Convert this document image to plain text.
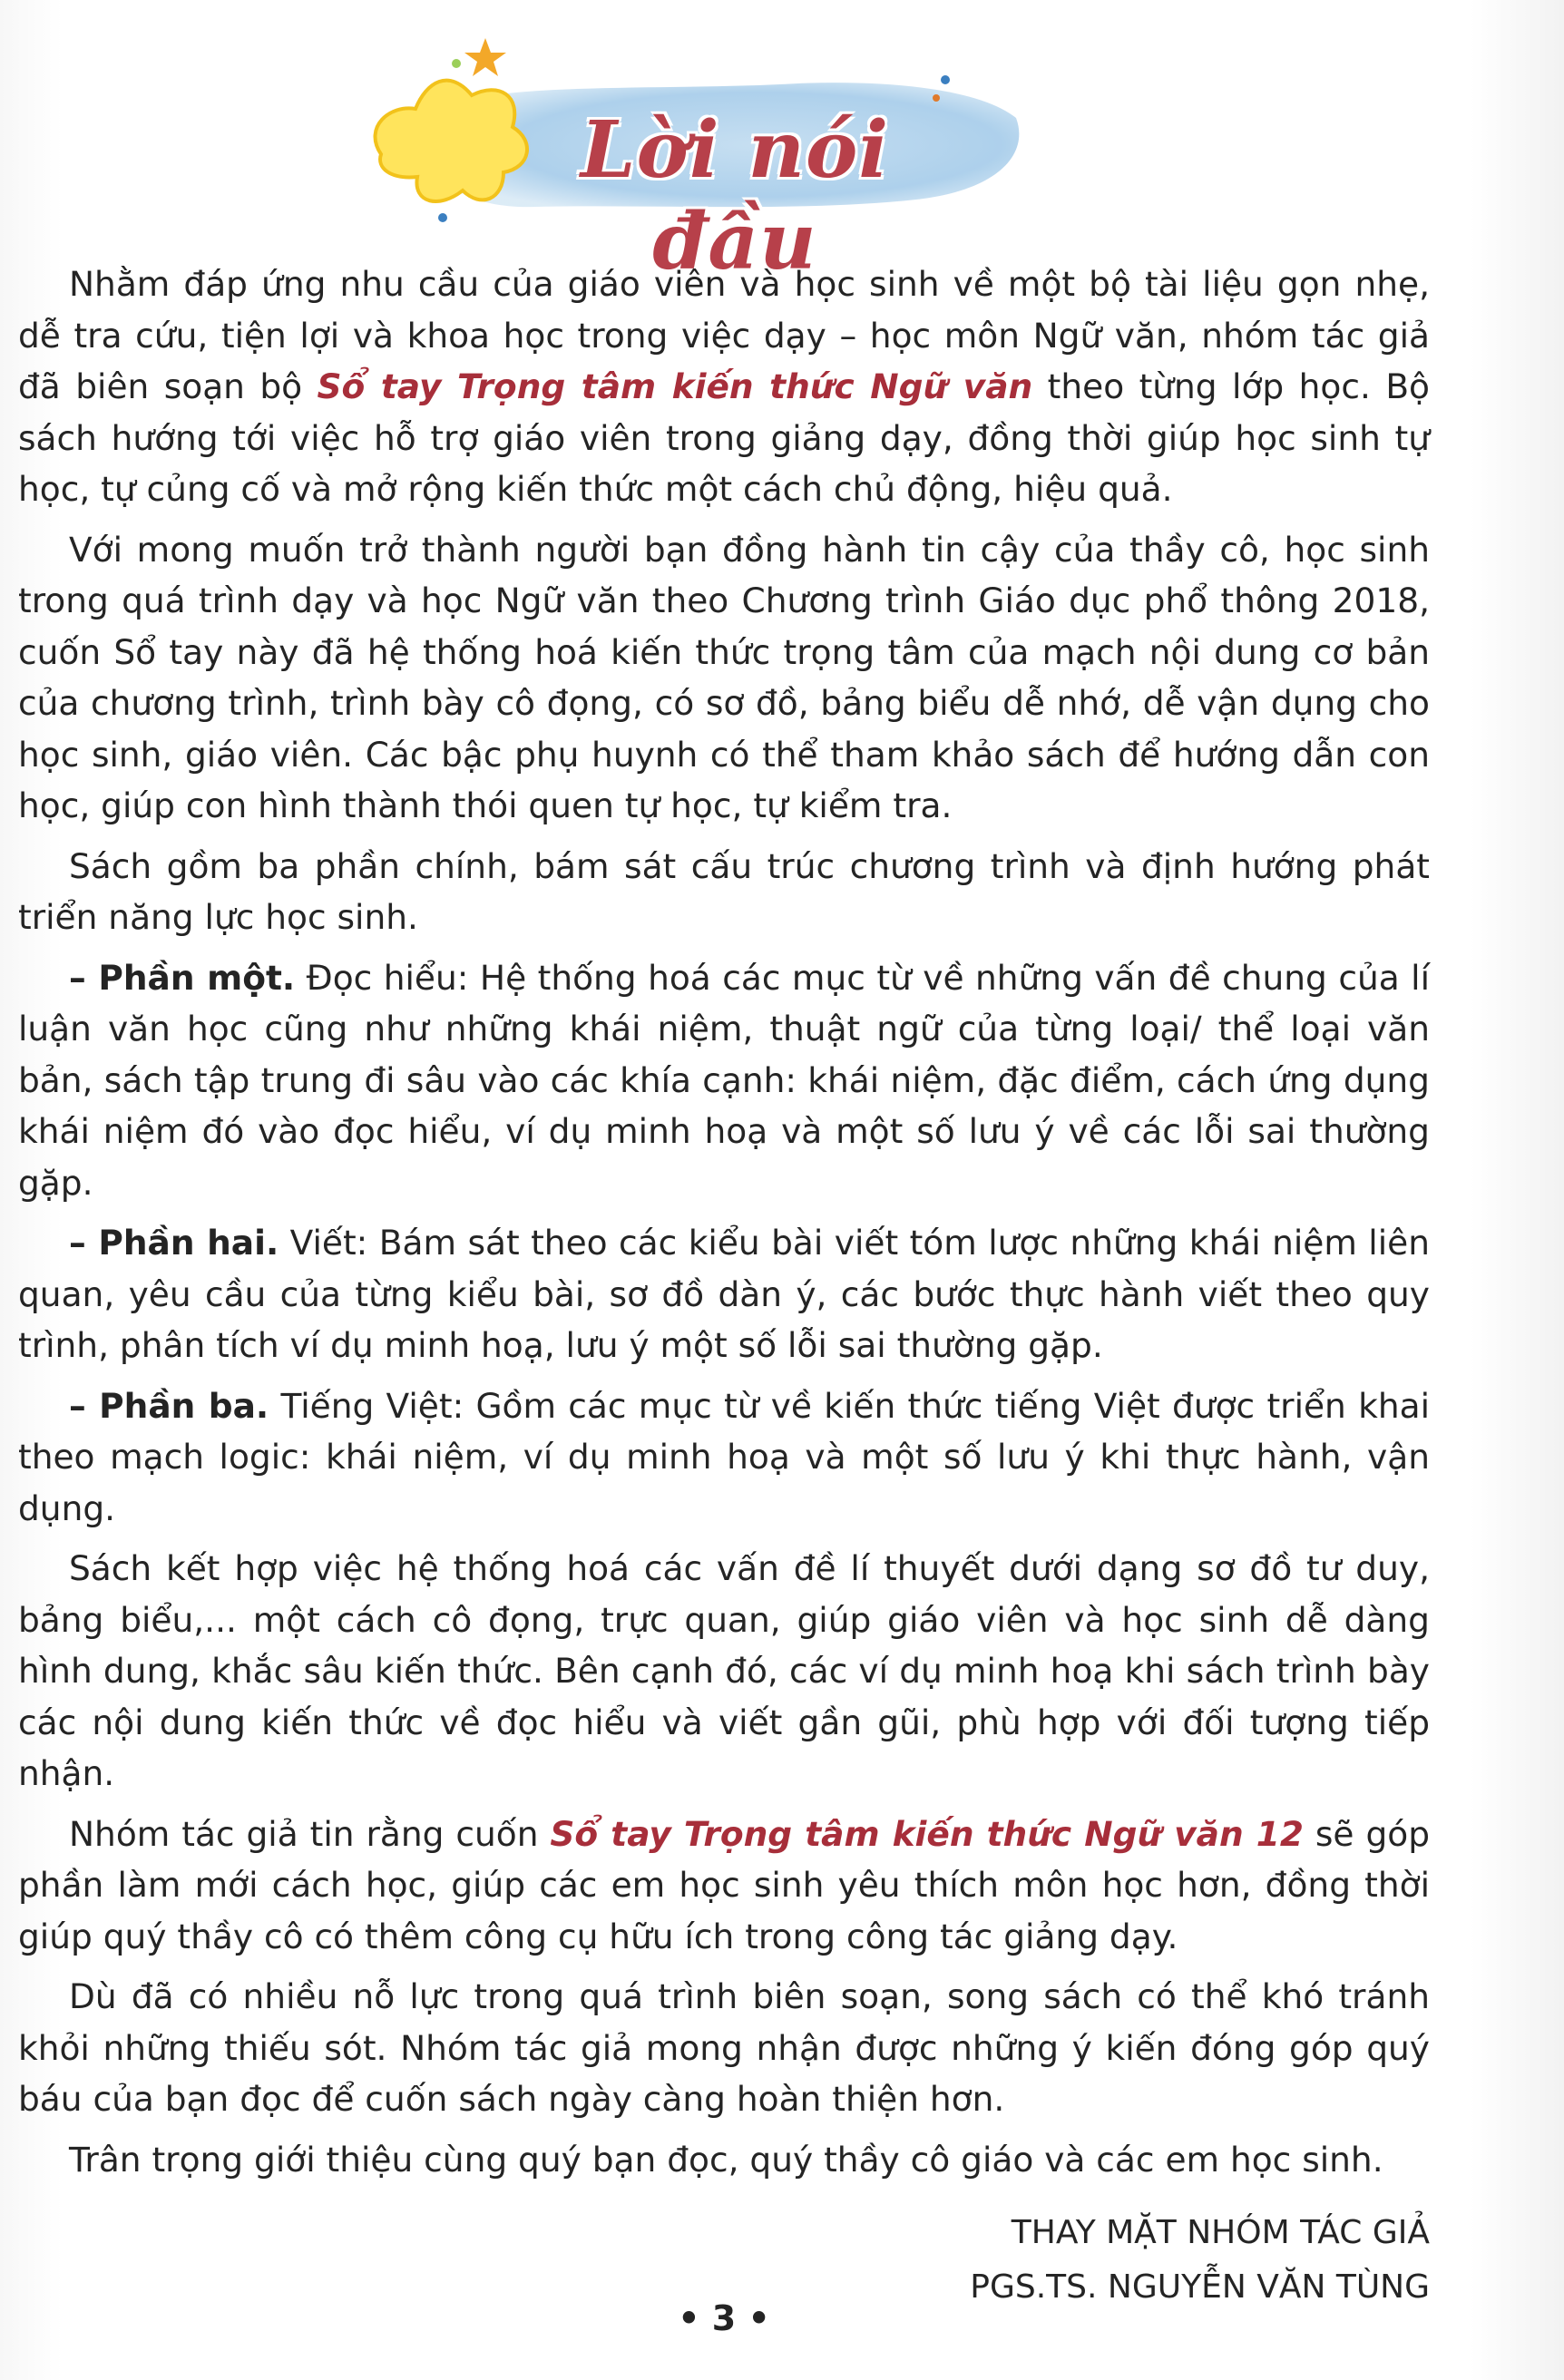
Lời nói đầu

Nhằm đáp ứng nhu cầu của giáo viên và học sinh về một bộ tài liệu gọn nhẹ, dễ tra cứu, tiện lợi và khoa học trong việc dạy – học môn Ngữ văn, nhóm tác giả đã biên soạn bộ Sổ tay Trọng tâm kiến thức Ngữ văn theo từng lớp học. Bộ sách hướng tới việc hỗ trợ giáo viên trong giảng dạy, đồng thời giúp học sinh tự học, tự củng cố và mở rộng kiến thức một cách chủ động, hiệu quả.

Với mong muốn trở thành người bạn đồng hành tin cậy của thầy cô, học sinh trong quá trình dạy và học Ngữ văn theo Chương trình Giáo dục phổ thông 2018, cuốn Sổ tay này đã hệ thống hoá kiến thức trọng tâm của mạch nội dung cơ bản của chương trình, trình bày cô đọng, có sơ đồ, bảng biểu dễ nhớ, dễ vận dụng cho học sinh, giáo viên. Các bậc phụ huynh có thể tham khảo sách để hướng dẫn con học, giúp con hình thành thói quen tự học, tự kiểm tra.

Sách gồm ba phần chính, bám sát cấu trúc chương trình và định hướng phát triển năng lực học sinh.

– Phần một. Đọc hiểu: Hệ thống hoá các mục từ về những vấn đề chung của lí luận văn học cũng như những khái niệm, thuật ngữ của từng loại/ thể loại văn bản, sách tập trung đi sâu vào các khía cạnh: khái niệm, đặc điểm, cách ứng dụng khái niệm đó vào đọc hiểu, ví dụ minh hoạ và một số lưu ý về các lỗi sai thường gặp.

– Phần hai. Viết: Bám sát theo các kiểu bài viết tóm lược những khái niệm liên quan, yêu cầu của từng kiểu bài, sơ đồ dàn ý, các bước thực hành viết theo quy trình, phân tích ví dụ minh hoạ, lưu ý một số lỗi sai thường gặp.

– Phần ba. Tiếng Việt: Gồm các mục từ về kiến thức tiếng Việt được triển khai theo mạch logic: khái niệm, ví dụ minh hoạ và một số lưu ý khi thực hành, vận dụng.

Sách kết hợp việc hệ thống hoá các vấn đề lí thuyết dưới dạng sơ đồ tư duy, bảng biểu,... một cách cô đọng, trực quan, giúp giáo viên và học sinh dễ dàng hình dung, khắc sâu kiến thức. Bên cạnh đó, các ví dụ minh hoạ khi sách trình bày các nội dung kiến thức về đọc hiểu và viết gần gũi, phù hợp với đối tượng tiếp nhận.

Nhóm tác giả tin rằng cuốn Sổ tay Trọng tâm kiến thức Ngữ văn 12 sẽ góp phần làm mới cách học, giúp các em học sinh yêu thích môn học hơn, đồng thời giúp quý thầy cô có thêm công cụ hữu ích trong công tác giảng dạy.

Dù đã có nhiều nỗ lực trong quá trình biên soạn, song sách có thể khó tránh khỏi những thiếu sót. Nhóm tác giả mong nhận được những ý kiến đóng góp quý báu của bạn đọc để cuốn sách ngày càng hoàn thiện hơn.

Trân trọng giới thiệu cùng quý bạn đọc, quý thầy cô giáo và các em học sinh.

THAY MẶT NHÓM TÁC GIẢ
PGS.TS. NGUYỄN VĂN TÙNG
• 3 •
